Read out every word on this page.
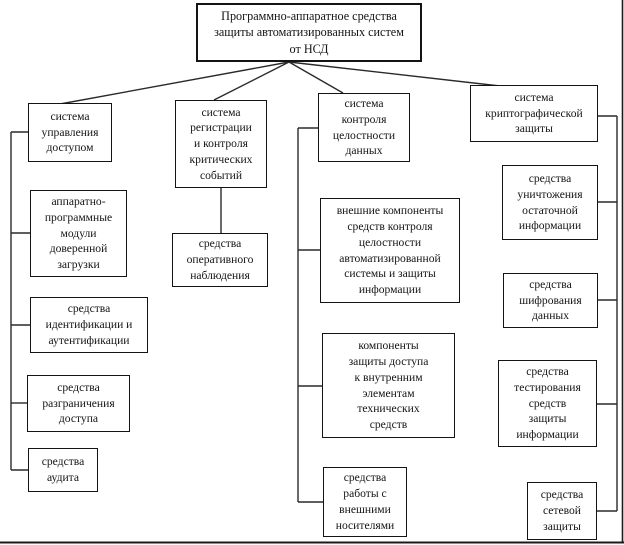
Программно-аппаратное средства защиты автоматизированных систем от НСД
система управления доступом
аппаратно-программные модули доверенной загрузки
средства идентификации и аутентификации
средства разграничения доступа
средства аудита
система регистрации и контроля критических событий
средства оперативного наблюдения
система контроля целостности данных
внешние компоненты средств контроля целостности автоматизированной системы и защиты информации
компоненты защиты доступа к внутренним элементам технических средств
средства работы с внешними носителями
система криптографической защиты
средства уничтожения остаточной информации
средства шифрования данных
средства тестирования средств защиты информации
средства сетевой защиты
